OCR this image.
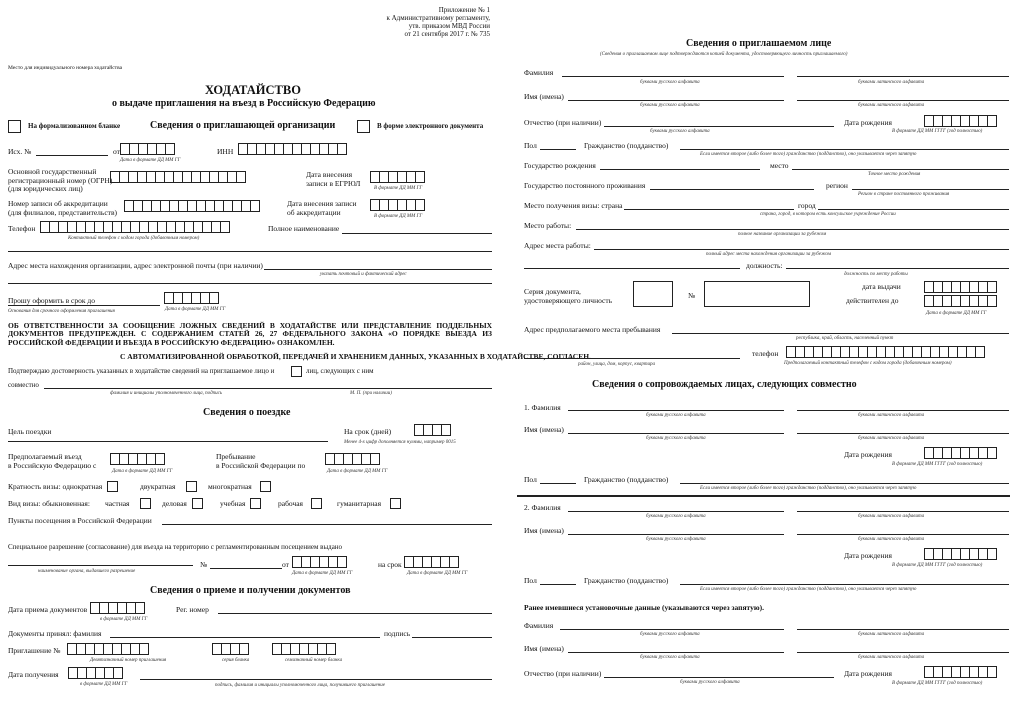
Приложение № 1
к Административному регламенту,
утв. приказом МВД России
от 21 сентября 2017 г. № 735
Место для индивидуального номера ходатайства
ХОДАТАЙСТВО
о выдаче приглашения на въезд в Российскую Федерацию
На формализованном бланке	Сведения о приглашающей организации	В форме электронного документа
Исх. №	от
Дата в формате ДД ММ ГГ
ИНН
Основной государственный
регистрационный номер (ОГРН)
(для юридических лиц)
Дата внесения
записи в ЕГРЮЛ
В формате ДД ММ ГГ
Номер записи об аккредитации
(для филиалов, представительств)
Дата внесения записи
об аккредитации	В формате ДД ММ ГГ
Телефон
Контактный телефон с кодом города (добавочным номером)
Полное наименование
Адрес места нахождения организации, адрес электронной почты (при наличии)
указать почтовый и фактический адрес
Прошу оформить в срок до
Дата в формате ДД ММ ГГ
Основания для срочного оформления приглашения
ОБ ОТВЕТСТВЕННОСТИ ЗА СООБЩЕНИЕ ЛОЖНЫХ СВЕДЕНИЙ В ХОДАТАЙСТВЕ ИЛИ ПРЕДСТАВЛЕНИЕ ПОДДЕЛЬНЫХ ДОКУМЕНТОВ ПРЕДУПРЕЖДЕН. С СОДЕРЖАНИЕМ СТАТЕЙ 26, 27 ФЕДЕРАЛЬНОГО ЗАКОНА «О ПОРЯДКЕ ВЫЕЗДА ИЗ РОССИЙСКОЙ ФЕДЕРАЦИИ И ВЪЕЗДА В РОССИЙСКУЮ ФЕДЕРАЦИЮ» ОЗНАКОМЛЕН.
С АВТОМАТИЗИРОВАННОЙ ОБРАБОТКОЙ, ПЕРЕДАЧЕЙ И ХРАНЕНИЕМ ДАННЫХ, УКАЗАННЫХ В ХОДАТАЙСТВЕ, СОГЛАСЕН.
Подтверждаю достоверность указанных в ходатайстве сведений на приглашаемое лицо и	лиц, следующих с ним
совместно
фамилия и инициалы уполномоченного лица, подпись	М. П. (при наличии)
Сведения о поездке
Цель поездки	На срок (дней)
Менее 4-х цифр дополняется нулями, например 0015
Предполагаемый въезд
в Российскую Федерацию с
Дата в формате ДД ММ ГГ
Пребывание
в Российской Федерации по
Дата в формате ДД ММ ГГ
Кратность визы: однократная	двукратная	многократная
Вид визы: обыкновенная: частная	деловая	учебная	рабочая	гуманитарная
Пункты посещения в Российской Федерации
Специальное разрешение (согласование) для въезда на территорию с регламентированным посещением выдано
наименование органа, выдавшего разрешение
№	от
Дата в формате ДД ММ ГГ
на срок
Дата в формате ДД ММ ГГ
Сведения о приеме и получении документов
Дата приема документов
в формате ДД ММ ГГ
Рег. номер
Документы принял: фамилия	подпись
Приглашение №
Девятизначный номер приглашения	серия бланка	семизначный номер бланка
Дата получения
в формате ДД ММ ГГ	подпись, фамилия и инициалы уполномоченного лица, получившего приглашение
Сведения о приглашаемом лице
(Сведения о приглашаемом лице подтверждаются копией документа, удостоверяющего личность приглашаемого)
Фамилия
буквами русского алфавита	буквами латинского алфавита
Имя (имена)
буквами русского алфавита	буквами латинского алфавита
Отчество (при наличии)
буквами русского алфавита
Дата рождения
В формате ДД ММ ГГГГ (год полностью)
Пол	Гражданство (подданство)
Если имеется второе (либо более того) гражданство (подданство), оно указывается через запятую
Государство рождения	место
Точное место рождения
Государство постоянного проживания	регион
Регион в стране постоянного проживания
Место получения визы: страна	город
страна, город, в котором есть консульское учреждение России
Место работы:
полное название организации за рубежом
Адрес места работы:
полный адрес места нахождения организации за рубежом
должность:
должность по месту работы
Серия документа,
удостоверяющего личность
№
дата выдачи
действителен до
Дата в формате ДД ММ ГГ
Адрес предполагаемого места пребывания
республика, край, область, населенный пункт
район, улица, дом, корпус, квартира
телефон
Предполагаемый контактный телефон с кодом города (добавочным номером)
Сведения о сопровождаемых лицах, следующих совместно
1. Фамилия
буквами русского алфавита	буквами латинского алфавита
Имя (имена)
буквами русского алфавита	буквами латинского алфавита
Дата рождения
В формате ДД ММ ГГГГ (год полностью)
Пол	Гражданство (подданство)
Если имеется второе (либо более того) гражданство (подданство), оно указывается через запятую
2. Фамилия
буквами русского алфавита	буквами латинского алфавита
Имя (имена)
буквами русского алфавита	буквами латинского алфавита
Дата рождения
В формате ДД ММ ГГГГ (год полностью)
Пол	Гражданство (подданство)
Если имеется второе (либо более того) гражданство (подданство), оно указывается через запятую
Ранее имевшиеся установочные данные (указываются через запятую).
Фамилия
буквами русского алфавита	буквами латинского алфавита
Имя (имена)
буквами русского алфавита	буквами латинского алфавита
Отчество (при наличии)
буквами русского алфавита
Дата рождения
В формате ДД ММ ГГГГ (год полностью)
